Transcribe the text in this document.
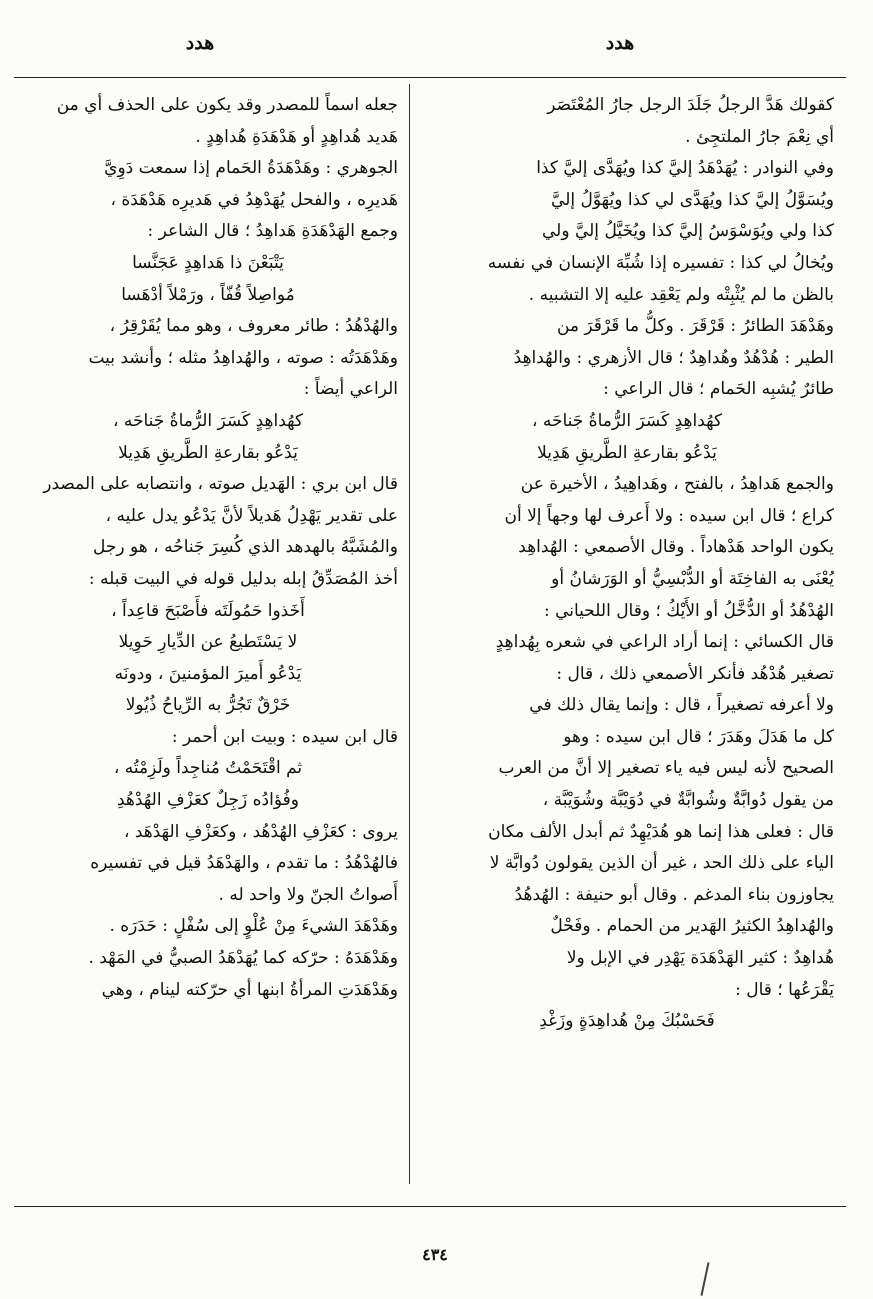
هدد
هدد

كقولك هَدَّ الرجلُ جَلَدَ الرجل جارُ المُعْتَصَر

أي نِعْمَ جارُ الملتجِئ .

وفي النوادر : يُهَدْهَدُ إليَّ كذا ويُهَدَّى إليَّ كذا

ويُسَوَّلُ إليَّ كذا ويُهَدَّى لي كذا ويُهَوَّلُ إليَّ

كذا ولي ويُوَسْوَسُ إليَّ كذا ويُخَيَّلُ إليَّ ولي

ويُخالُ لي كذا : تفسيره إذا شُبِّهَ الإنسان في نفسه

بالظن ما لم يُثْبِتْه ولم يَعْقِد عليه إلا التشبيه .

وهَدْهَدَ الطائرُ : قَرْقَرَ . وكلُّ ما قَرْقَرَ من

الطير : هُدْهُدٌ وهُداهِدٌ ؛ قال الأزهري : والهُداهِدُ

طائرٌ يُشبِه الحَمام ؛ قال الراعي :

كهُداهِدٍ كَسَرَ الرُّماةُ جَناحَه ،

يَدْعُو بقارعةِ الطَّريقِ هَدِيلا

والجمع هَداهِدُ ، بالفتح ، وهَداهِيدُ ، الأخيرة عن

كراع ؛ قال ابن سيده : ولا أَعرف لها وجهاً إلا أن

يكون الواحد هَدْهاداً . وقال الأصمعي : الهُداهِد

يُعْنَى به الفاخِتَة أو الدُّبْسِيُّ أو الوَرَشانُ أو

الهُدْهُدُ أو الدُّخَّلُ أو الأَيْكُ ؛ وقال اللحياني :

قال الكسائي : إنما أراد الراعي في شعره بِهُداهِدٍ

تصغير هُدْهُد فأنكر الأصمعي ذلك ، قال :

ولا أعرفه تصغيراً ، قال : وإنما يقال ذلك في

كل ما هَدَلَ وهَدَرَ ؛ قال ابن سيده : وهو

الصحيح لأنه ليس فيه ياء تصغير إلا أنَّ من العرب

من يقول دُوابَّةٌ وشُوابَّةٌ في دُوَيْبَّة وشُوَيْبَّة ،

قال : فعلى هذا إنما هو هُدَيْهِدٌ ثم أبدل الألف مكان

الياء على ذلك الحد ، غير أن الذين يقولون دُوابَّة لا

يجاوزون بناء المدغم . وقال أبو حنيفة : الهُدهُدُ

والهُداهِدُ الكثيرُ الهَدير من الحمام . وفَحْلٌ

هُداهِدٌ : كثير الهَدْهَدَة يَهْدِر في الإبل ولا

يَقْرَعُها ؛ قال :

فَحَسْبُكَ مِنْ هُداهِدَةٍ وزَغْدِ

جعله اسماً للمصدر وقد يكون على الحذف أي من

هَديد هُداهِدٍ أو هَدْهَدَةِ هُداهِدٍ .

الجوهري : وهَدْهَدَةُ الحَمام إذا سمعت دَوِيَّ

هَديرِه ، والفحل يُهَدْهِدُ في هَديرِه هَدْهَدَة ،

وجمع الهَدْهَدَةِ هَداهِدُ ؛ قال الشاعر :

يَتْبَعْنَ ذا هَداهِدٍ عَجَنَّسا

مُواصِلاً قُفّاً ، ورَمْلاً أدْهَسا

والهُدْهُدُ : طائر معروف ، وهو مما يُقَرْقِرُ ،

وهَدْهَدَتُه : صوته ، والهُداهِدُ مثله ؛ وأنشد بيت

الراعي أيضاً :

كهُداهِدٍ كَسَرَ الرُّماةُ جَناحَه ،

يَدْعُو بقارعةِ الطَّريقِ هَدِيلا

قال ابن بري : الهَديل صوته ، وانتصابه على المصدر

على تقدير يَهْدِلُ هَديلاً لأنَّ يَدْعُو يدل عليه ،

والمُشَبَّهُ بالهدهد الذي كُسِرَ جَناحُه ، هو رجل

أخذ المُصَدِّقُ إبله بدليل قوله في البيت قبله :

أَخَذوا حَمُولَتَه فأَصْبَحَ قاعِداً ،

لا يَسْتَطيعُ عن الدِّيارِ حَوِيلا

يَدْعُو أَميرَ المؤمنينَ ، ودونَه

خَرْقٌ تَجُرُّ به الرِّياحُ ذُيُولا

قال ابن سيده : وبيت ابن أحمر :

ثم اقْتَحَمْتُ مُناجِداً ولَزِمْتُه ،

وفُؤادُه زَجِلٌ كعَزْفِ الهُدْهُدِ

يروى : كعَزْفِ الهُدْهُد ، وكعَزْفِ الهَدْهَد ،

فالهُدْهُدُ : ما تقدم ، والهَدْهَدُ قيل في تفسيره

أَصواتُ الجنّ ولا واحد له .

وهَدْهَدَ الشيءَ مِنْ عُلْوٍ إلى سُفْلٍ : حَدَرَه .

وهَدْهَدَهُ : حرّكه كما يُهَدْهَدُ الصبيُّ في المَهْد .

وهَدْهَدَتِ المرأةُ ابنها أي حرّكته لينام ، وهي

٤٣٤
